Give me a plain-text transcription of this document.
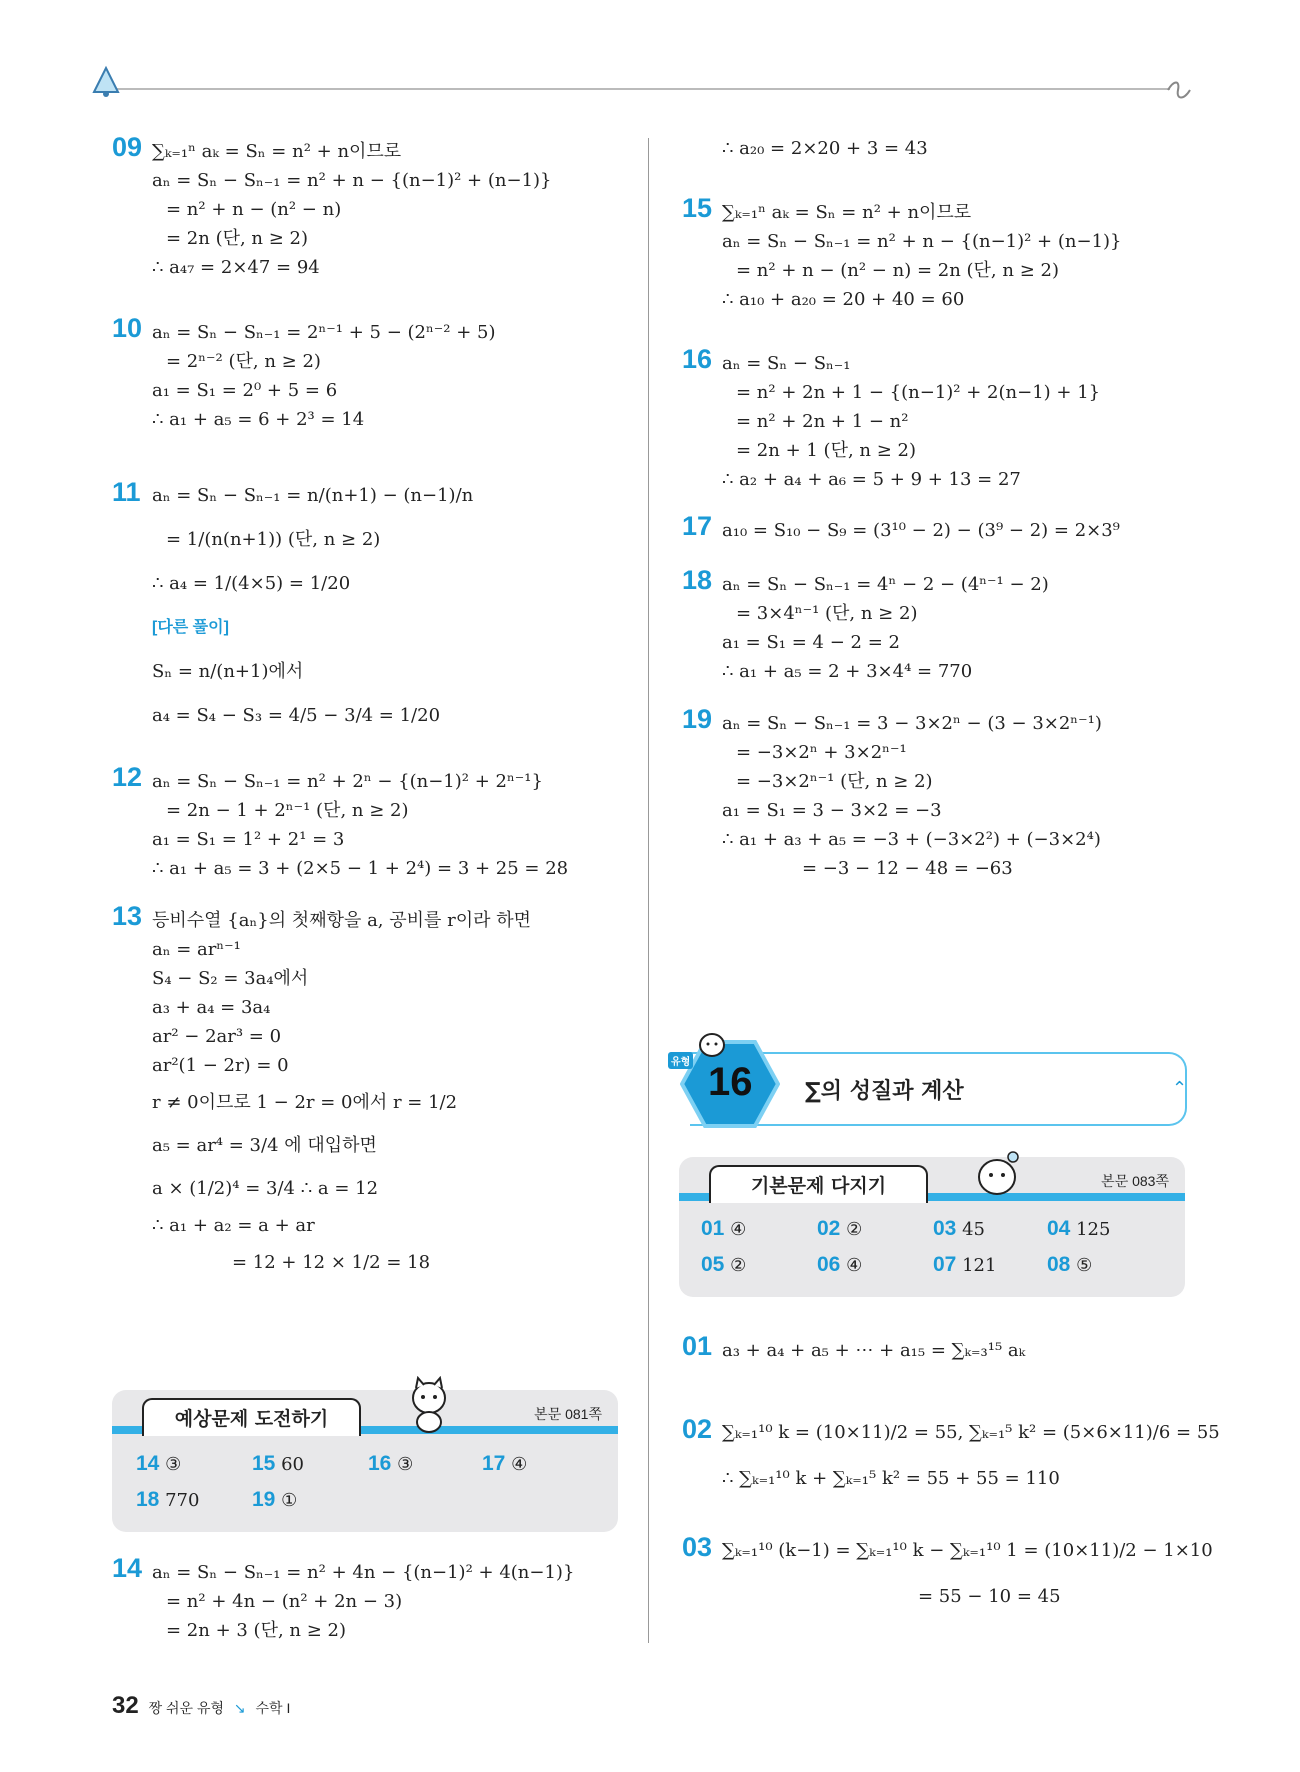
09 ∑ₖ₌₁ⁿ aₖ = Sₙ = n² + n이므로
aₙ = Sₙ − Sₙ₋₁ = n² + n − {(n−1)² + (n−1)}
= n² + n − (n² − n)
= 2n (단, n ≥ 2)
∴ a₄₇ = 2×47 = 94
10 aₙ = Sₙ − Sₙ₋₁ = 2ⁿ⁻¹ + 5 − (2ⁿ⁻² + 5)
= 2ⁿ⁻² (단, n ≥ 2)
a₁ = S₁ = 2⁰ + 5 = 6
∴ a₁ + a₅ = 6 + 2³ = 14
11 aₙ = Sₙ − Sₙ₋₁ = n/(n+1) − (n−1)/n
= 1/(n(n+1)) (단, n ≥ 2)
∴ a₄ = 1/(4×5) = 1/20
[다른 풀이]
Sₙ = n/(n+1)에서
a₄ = S₄ − S₃ = 4/5 − 3/4 = 1/20
12 aₙ = Sₙ − Sₙ₋₁ = n² + 2ⁿ − {(n−1)² + 2ⁿ⁻¹}
= 2n − 1 + 2ⁿ⁻¹ (단, n ≥ 2)
a₁ = S₁ = 1² + 2¹ = 3
∴ a₁ + a₅ = 3 + (2×5 − 1 + 2⁴) = 3 + 25 = 28
13 등비수열 {aₙ}의 첫째항을 a, 공비를 r이라 하면
aₙ = arⁿ⁻¹
S₄ − S₂ = 3a₄에서
a₃ + a₄ = 3a₄
ar² − 2ar³ = 0
ar²(1 − 2r) = 0
r ≠ 0이므로 1 − 2r = 0에서 r = 1/2
a₅ = ar⁴ = 3/4 에 대입하면
a × (1/2)⁴ = 3/4 ∴ a = 12
∴ a₁ + a₂ = a + ar
= 12 + 12 × 1/2 = 18
예상문제 도전하기	본문 081쪽
14 ③	15 60	16 ③	17 ④
18 770	19 ①
14 aₙ = Sₙ − Sₙ₋₁ = n² + 4n − {(n−1)² + 4(n−1)}
= n² + 4n − (n² + 2n − 3)
= 2n + 3 (단, n ≥ 2)
∴ a₂₀ = 2×20 + 3 = 43
15 ∑ₖ₌₁ⁿ aₖ = Sₙ = n² + n이므로
aₙ = Sₙ − Sₙ₋₁ = n² + n − {(n−1)² + (n−1)}
= n² + n − (n² − n) = 2n (단, n ≥ 2)
∴ a₁₀ + a₂₀ = 20 + 40 = 60
16 aₙ = Sₙ − Sₙ₋₁
= n² + 2n + 1 − {(n−1)² + 2(n−1) + 1}
= n² + 2n + 1 − n²
= 2n + 1 (단, n ≥ 2)
∴ a₂ + a₄ + a₆ = 5 + 9 + 13 = 27
17 a₁₀ = S₁₀ − S₉ = (3¹⁰ − 2) − (3⁹ − 2) = 2×3⁹
18 aₙ = Sₙ − Sₙ₋₁ = 4ⁿ − 2 − (4ⁿ⁻¹ − 2)
= 3×4ⁿ⁻¹ (단, n ≥ 2)
a₁ = S₁ = 4 − 2 = 2
∴ a₁ + a₅ = 2 + 3×4⁴ = 770
19 aₙ = Sₙ − Sₙ₋₁ = 3 − 3×2ⁿ − (3 − 3×2ⁿ⁻¹)
= −3×2ⁿ + 3×2ⁿ⁻¹
= −3×2ⁿ⁻¹ (단, n ≥ 2)
a₁ = S₁ = 3 − 3×2 = −3
∴ a₁ + a₃ + a₅ = −3 + (−3×2²) + (−3×2⁴)
= −3 − 12 − 48 = −63
16
유형
∑의 성질과 계산	⌃
기본문제 다지기	본문 083쪽
01 ④	02 ②	03 45	04 125
05 ②	06 ④	07 121 08 ⑤
01 a₃ + a₄ + a₅ + ⋯ + a₁₅ = ∑ₖ₌₃¹⁵ aₖ
02 ∑ₖ₌₁¹⁰ k = (10×11)/2 = 55, ∑ₖ₌₁⁵ k² = (5×6×11)/6 = 55
∴ ∑ₖ₌₁¹⁰ k + ∑ₖ₌₁⁵ k² = 55 + 55 = 110
03 ∑ₖ₌₁¹⁰ (k−1) = ∑ₖ₌₁¹⁰ k − ∑ₖ₌₁¹⁰ 1 = (10×11)/2 − 1×10
= 55 − 10 = 45
32 짱 쉬운 유형 ↘ 수학 I
